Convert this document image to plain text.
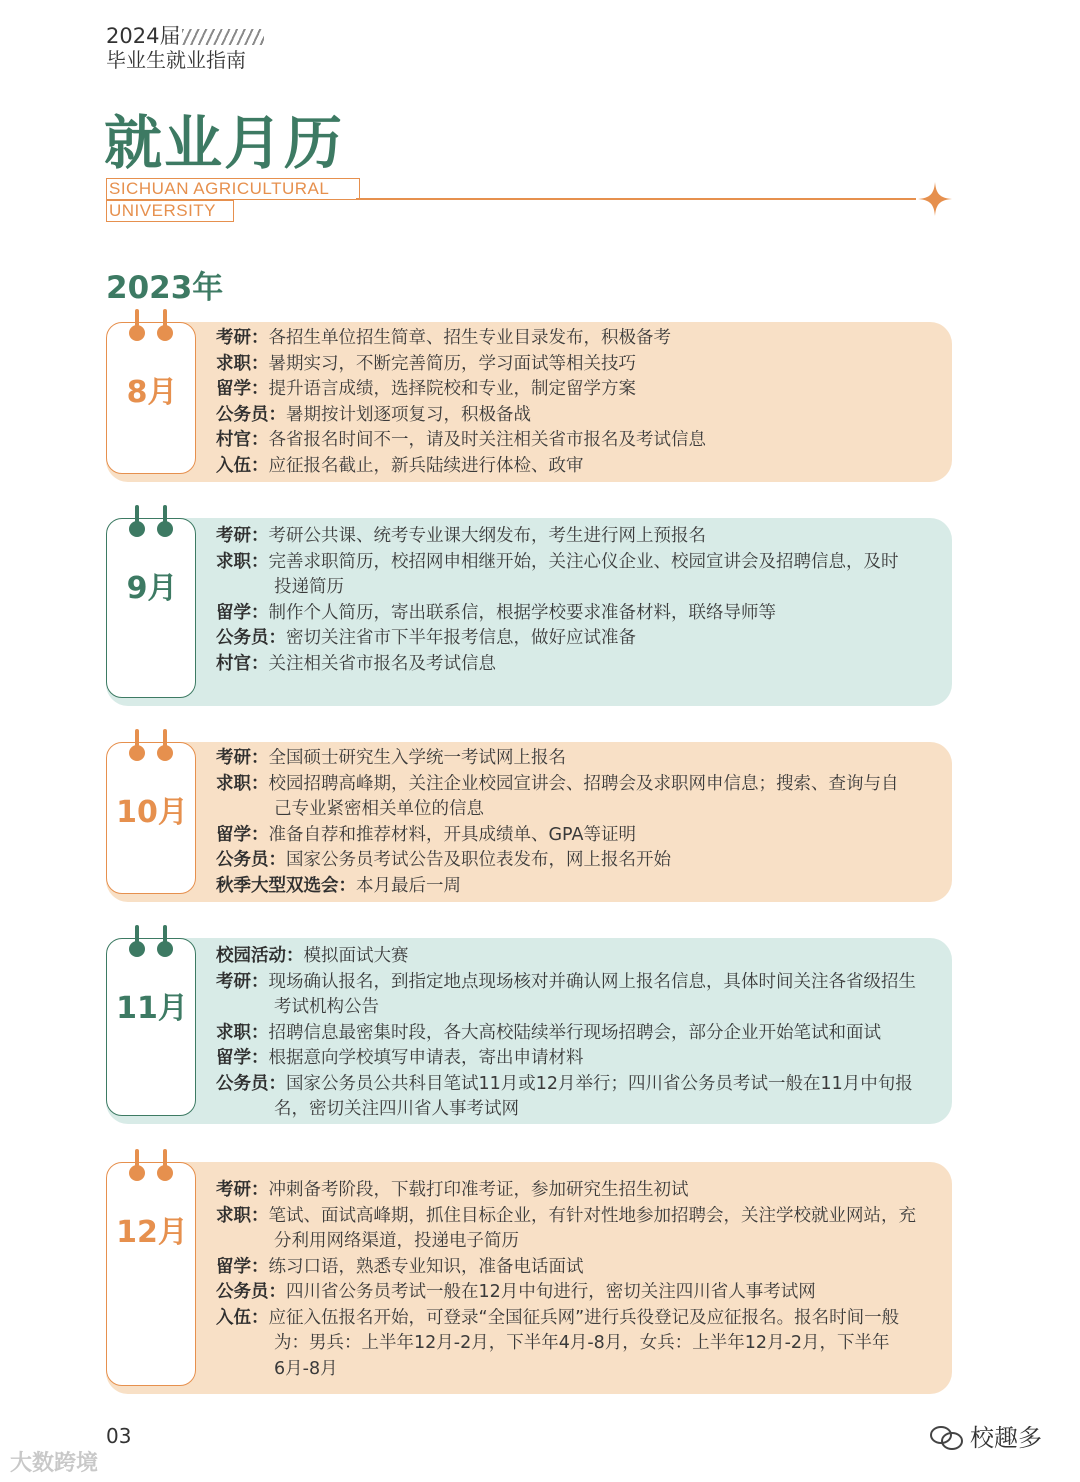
2024届
毕业生就业指南
就业月历
SICHUAN AGRICULTURAL
UNIVERSITY
2023年
8月
考研： 各招生单位招生简章、招生专业目录发布，积极备考
求职： 暑期实习，不断完善简历，学习面试等相关技巧
留学： 提升语言成绩，选择院校和专业，制定留学方案
公务员： 暑期按计划逐项复习，积极备战
村官： 各省报名时间不一，请及时关注相关省市报名及考试信息
入伍： 应征报名截止，新兵陆续进行体检、政审
9月
考研： 考研公共课、统考专业课大纲发布，考生进行网上预报名
求职： 完善求职简历，校招网申相继开始，关注心仪企业、校园宣讲会及招聘信息，及时
投递简历
留学： 制作个人简历，寄出联系信，根据学校要求准备材料，联络导师等
公务员： 密切关注省市下半年报考信息，做好应试准备
村官： 关注相关省市报名及考试信息
10月
考研： 全国硕士研究生入学统一考试网上报名
求职： 校园招聘高峰期，关注企业校园宣讲会、招聘会及求职网申信息；搜索、查询与自
己专业紧密相关单位的信息
留学： 准备自荐和推荐材料，开具成绩单、GPA等证明
公务员： 国家公务员考试公告及职位表发布，网上报名开始
秋季大型双选会： 本月最后一周
11月
校园活动： 模拟面试大赛
考研： 现场确认报名，到指定地点现场核对并确认网上报名信息，具体时间关注各省级招生
考试机构公告
求职： 招聘信息最密集时段，各大高校陆续举行现场招聘会，部分企业开始笔试和面试
留学： 根据意向学校填写申请表，寄出申请材料
公务员： 国家公务员公共科目笔试11月或12月举行；四川省公务员考试一般在11月中旬报
名，密切关注四川省人事考试网
12月
考研： 冲刺备考阶段，下载打印准考证，参加研究生招生初试
求职： 笔试、面试高峰期，抓住目标企业，有针对性地参加招聘会，关注学校就业网站，充
分利用网络渠道，投递电子简历
留学： 练习口语，熟悉专业知识，准备电话面试
公务员： 四川省公务员考试一般在12月中旬进行，密切关注四川省人事考试网
入伍： 应征入伍报名开始，可登录“全国征兵网”进行兵役登记及应征报名。报名时间一般
为：男兵：上半年12月-2月，下半年4月-8月，女兵：上半年12月-2月，下半年
6月-8月
03
大数跨境
校趣多
